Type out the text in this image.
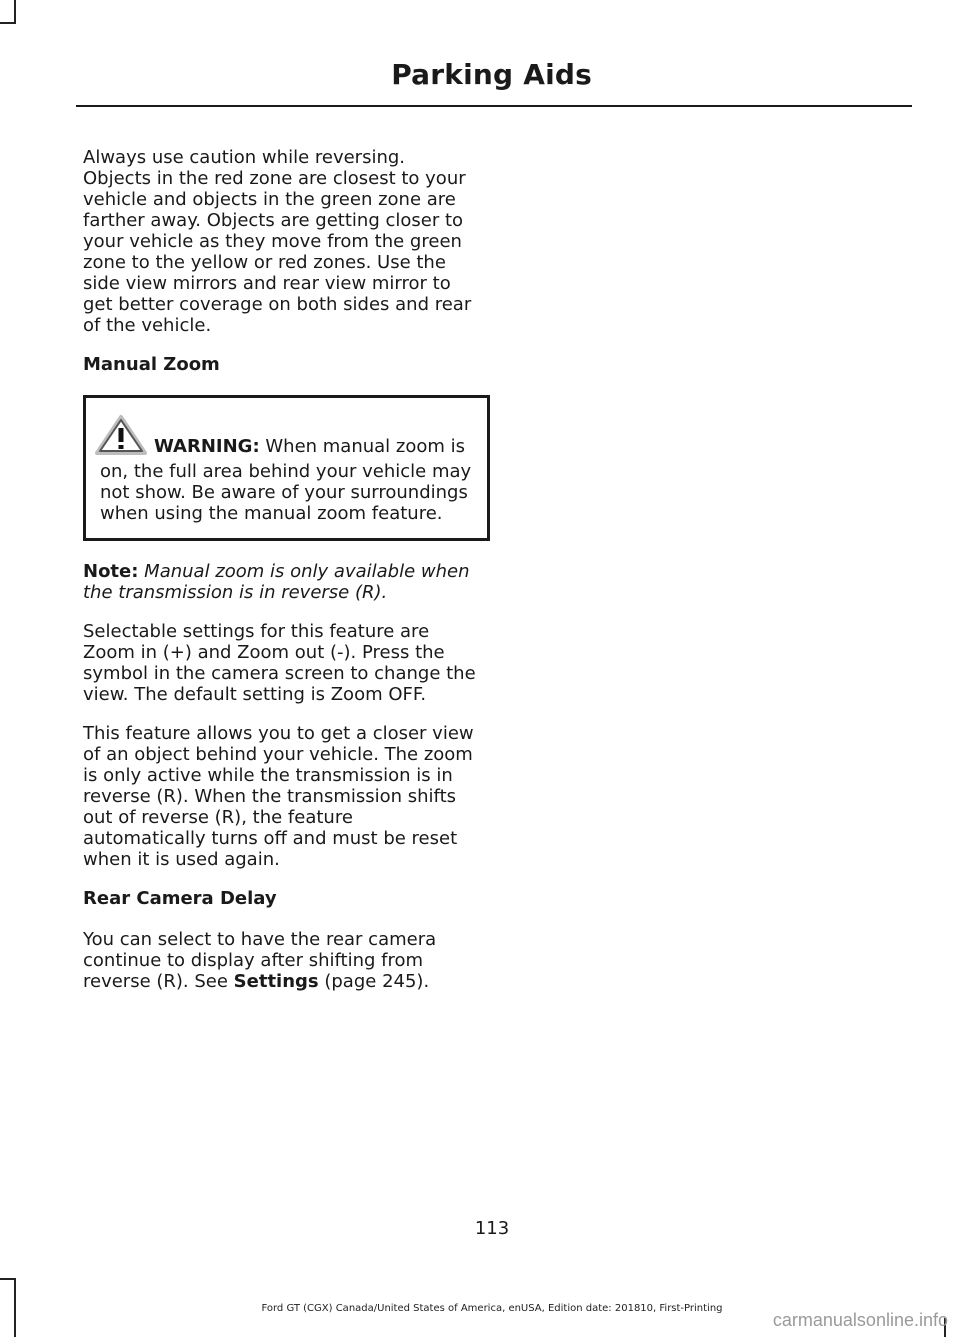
Parking Aids

Always use caution while reversing. Objects in the red zone are closest to your vehicle and objects in the green zone are farther away. Objects are getting closer to your vehicle as they move from the green zone to the yellow or red zones. Use the side view mirrors and rear view mirror to get better coverage on both sides and rear of the vehicle.

Manual Zoom

WARNING: When manual zoom is on, the full area behind your vehicle may not show. Be aware of your surroundings when using the manual zoom feature.

Note: Manual zoom is only available when the transmission is in reverse (R).

Selectable settings for this feature are Zoom in (+) and Zoom out (-). Press the symbol in the camera screen to change the view. The default setting is Zoom OFF.

This feature allows you to get a closer view of an object behind your vehicle. The zoom is only active while the transmission is in reverse (R). When the transmission shifts out of reverse (R), the feature automatically turns off and must be reset when it is used again.

Rear Camera Delay

You can select to have the rear camera continue to display after shifting from reverse (R). See Settings (page 245).

113
Ford GT (CGX) Canada/United States of America, enUSA, Edition date: 201810, First-Printing
carmanualsonline.info
